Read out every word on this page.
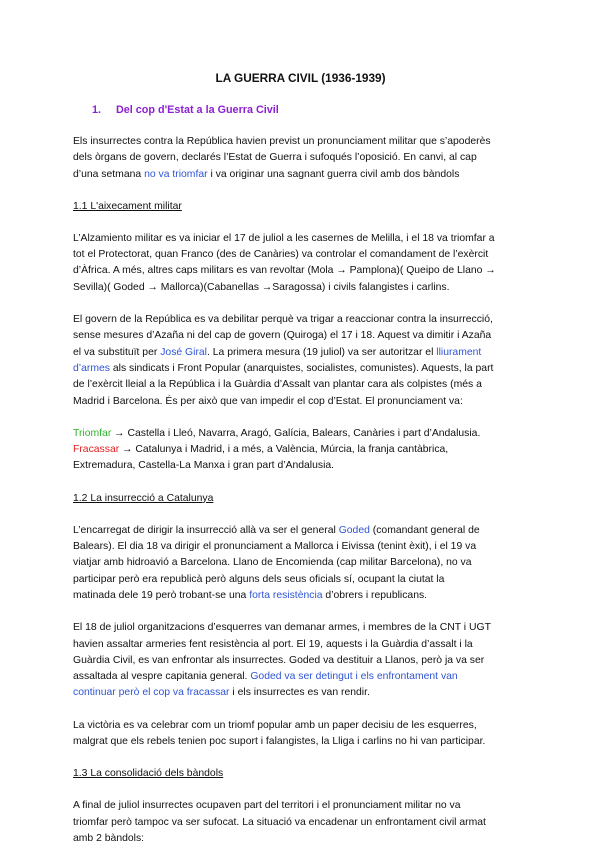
LA GUERRA CIVIL (1936-1939)
1. Del cop d'Estat a la Guerra Civil

Els insurrectes contra la República havien previst un pronunciament militar que s’apoderès
dels òrgans de govern, declarés l’Estat de Guerra i sufoqués l’oposició. En canvi, al cap
d’una setmana no va triomfar i va originar una sagnant guerra civil amb dos bàndols

1.1 L'aixecament militar

L’Alzamiento militar es va iniciar el 17 de juliol a les casernes de Melilla, i el 18 va triomfar a
tot el Protectorat, quan Franco (des de Canàries) va controlar el comandament de l’exèrcit
d’Àfrica. A més, altres caps militars es van revoltar (Mola → Pamplona)( Queipo de Llano →
Sevilla)( Goded → Mallorca)(Cabanellas →Saragossa) i civils falangistes i carlins.

El govern de la República es va debilitar perquè va trigar a reaccionar contra la insurrecció,
sense mesures d’Azaña ni del cap de govern (Quiroga) el 17 i 18. Aquest va dimitir i Azaña
el va substituït per José Giral. La primera mesura (19 juliol) va ser autoritzar el lliurament
d’armes als sindicats i Front Popular (anarquistes, socialistes, comunistes). Aquests, la part
de l’exèrcit lleial a la República i la Guàrdia d’Assalt van plantar cara als colpistes (més a
Madrid i Barcelona. És per això que van impedir el cop d’Estat. El pronunciament va:

Triomfar → Castella i Lleó, Navarra, Aragó, Galícia, Balears, Canàries i part d’Andalusia.
Fracassar → Catalunya i Madrid, i a més, a València, Múrcia, la franja cantàbrica,
Extremadura, Castella-La Manxa i gran part d’Andalusia.

1.2 La insurrecció a Catalunya

L’encarregat de dirigir la insurrecció allà va ser el general Goded (comandant general de
Balears). El dia 18 va dirigir el pronunciament a Mallorca i Eivissa (tenint èxit), i el 19 va
viatjar amb hidroavió a Barcelona. Llano de Encomienda (cap militar Barcelona), no va
participar però era republicà però alguns dels seus oficials sí, ocupant la ciutat la
matinada dele 19 però trobant-se una forta resistència d’obrers i republicans.

El 18 de juliol organitzacions d’esquerres van demanar armes, i membres de la CNT i UGT
havien assaltar armeries fent resistència al port. El 19, aquests i la Guàrdia d’assalt i la
Guàrdia Civil, es van enfrontar als insurrectes. Goded va destituir a Llanos, però ja va ser
assaltada al vespre capitania general. Goded va ser detingut i els enfrontament van
continuar però el cop va fracassar i els insurrectes es van rendir.

La victòria es va celebrar com un triomf popular amb un paper decisiu de les esquerres,
malgrat que els rebels tenien poc suport i falangistes, la Lliga i carlins no hi van participar.

1.3 La consolidació dels bàndols

A final de juliol insurrectes ocupaven part del territori i el pronunciament militar no va
triomfar però tampoc va ser sufocat. La situació va encadenar un enfrontament civil armat
amb 2 bàndols:
